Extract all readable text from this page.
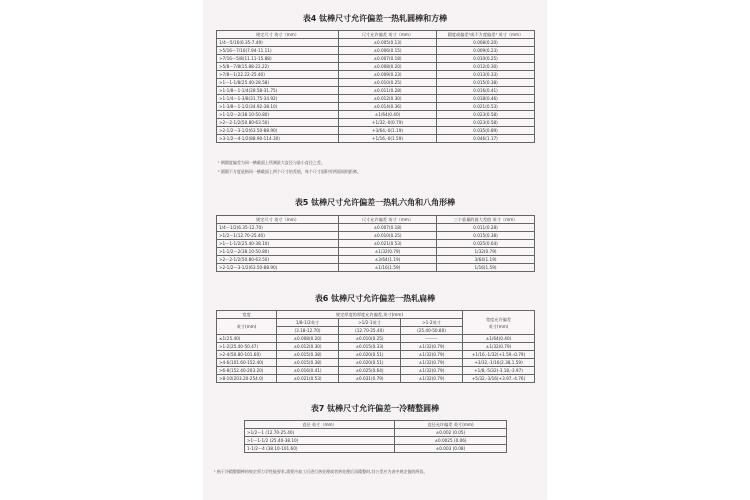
表4 钛棒尺寸允许偏差一热轧圆棒和方棒
规定尺寸 英寸（mm）	尺寸允许偏差 英寸（mm）	圆度或偏差²或不方度偏差³ 英寸（mm）
1/4～5/16(6.35-7.49)	±0.005(0.13)	0.008(0.20)
>5/16～7/16(7.94-11.11)	±0.006(0.15)	0.009(0.23)
>7/16～5/8(11.11-15.88)	±0.007(0.18)	0.010(0.25)
>5/8～7/8(15.88-22.22)	±0.008(0.20)	0.012(0.30)
>7/8～1(22.22-25.40)	±0.009(0.23)	0.013(0.33)
>1～1-1/8(25.40-28.58)	±0.010(0.25)	0.015(0.38)
>1-1/8～1-1/4(28.58-31.75)	±0.011(0.28)	0.016(0.41)
>1-1/4～1-3/8(31.75-34.92)	±0.012(0.30)	0.018(0.46)
>1-3/8～1-1/2(34.92-38.10)	±0.014(0.36)	0.021(0.53)
>1-1/2～2(38.10-50.80)	±1/64(0.40)	0.023(0.58)
>2～2-1/2(50.80-63.50)	+1/32,-0(0.79)	0.023(0.58)
>2-1/2～3-1/2(63.50-88.90)	+3/64,-0(1.19)	0.035(0.89)
>3-1/2～4-1/2(88.90-114.30)	+1/16,-0(1.59)	0.046(1.17)
¹ 钢圆度偏差为同一横截面上所测最大直径与最小直径之差。
² 圆圆不方度是指同一横截面上两个尺寸的差值，每个尺寸面积对两面间的距离。
表5 钛棒尺寸允许偏差一热轧六角和八角形棒
规定尺寸 英寸（mm）	尺寸允许偏差 英寸（mm）	三个重量的最大差值 英寸（mm）
1/4～1/2(6.35-12.70)	±0.007(0.18)	0.011(0.28)
>1/2～1(12.70-25.40)	±0.010(0.25)	0.015(0.38)
>1～1-1/2(25.40-38.10)	±0.021(0.53)	0.025(0.64)
>1-1/2～2(38.10-50.80)	±1/32(0.79)	1/32(0.79)
>2～2-1/2(50.80-63.50)	±3/64(1.19)	3/64(1.19)
>2-1/2～3-1/2(63.50-88.90)	±1/16(1.59)	1/16(1.59)
表6 钛棒尺寸允许偏差一热轧扁棒
宽度	规定厚度的厚度允许偏差,英寸(mm)			宽度允许偏差
英寸(mm)
英寸(mm)	1/8-1/2英寸	>1/2-1英寸	>1-2英寸	
	(3.18-12.70)	(12.70-25.40)	(25.40-50.80)	
≤1(25.40)	±0.008(0.20)	±0.010(0.25)	--------	±1/64(0.40)
>1-2(25.40-50.47)	±0.012(0.30)	±0.015(0.33)	±1/32(0.79)	±1/32(0.79)
>2-4(50.80-101.60)	±0.015(0.38)	±0.020(0.51)	±1/32(0.79)	+1/16,-1/32(+1.59,-0.79)
>4-6(101.60-152.40)	±0.015(0.38)	±0.020(0.51)	±1/32(0.79)	+3/32,-1/16(2.38,1.59)
>6-8(152.40-203.20)	±0.016(0.41)	±0.025(0.64)	±1/32(0.79)	+1/8,-5/32(-3.18,-3.97)
>8-10(203.20-254.0)	±0.021(0.53)	±0.031(0.79)	±1/32(0.79)	+5/32,-3/16(+3.97,-4.76)
表7 钛棒尺寸允许偏差一冷精整圆棒
直径 英寸（mm）	直径允许偏差 英寸(mm)
>1/2～1 (12.70-25.40)	±0.002 (0.05)
>1～1-1/2 (25.40-38.10)	±0.0025 (0.06)
1-1/2～4 (38.10-101.60)	±0.003 (0.08)
¹ 指于冷精整圆棒的规定须力学性能要求,需要冷加工后进行热处理或者热处理后再精整时,其公差应为表中规定值的两倍。
